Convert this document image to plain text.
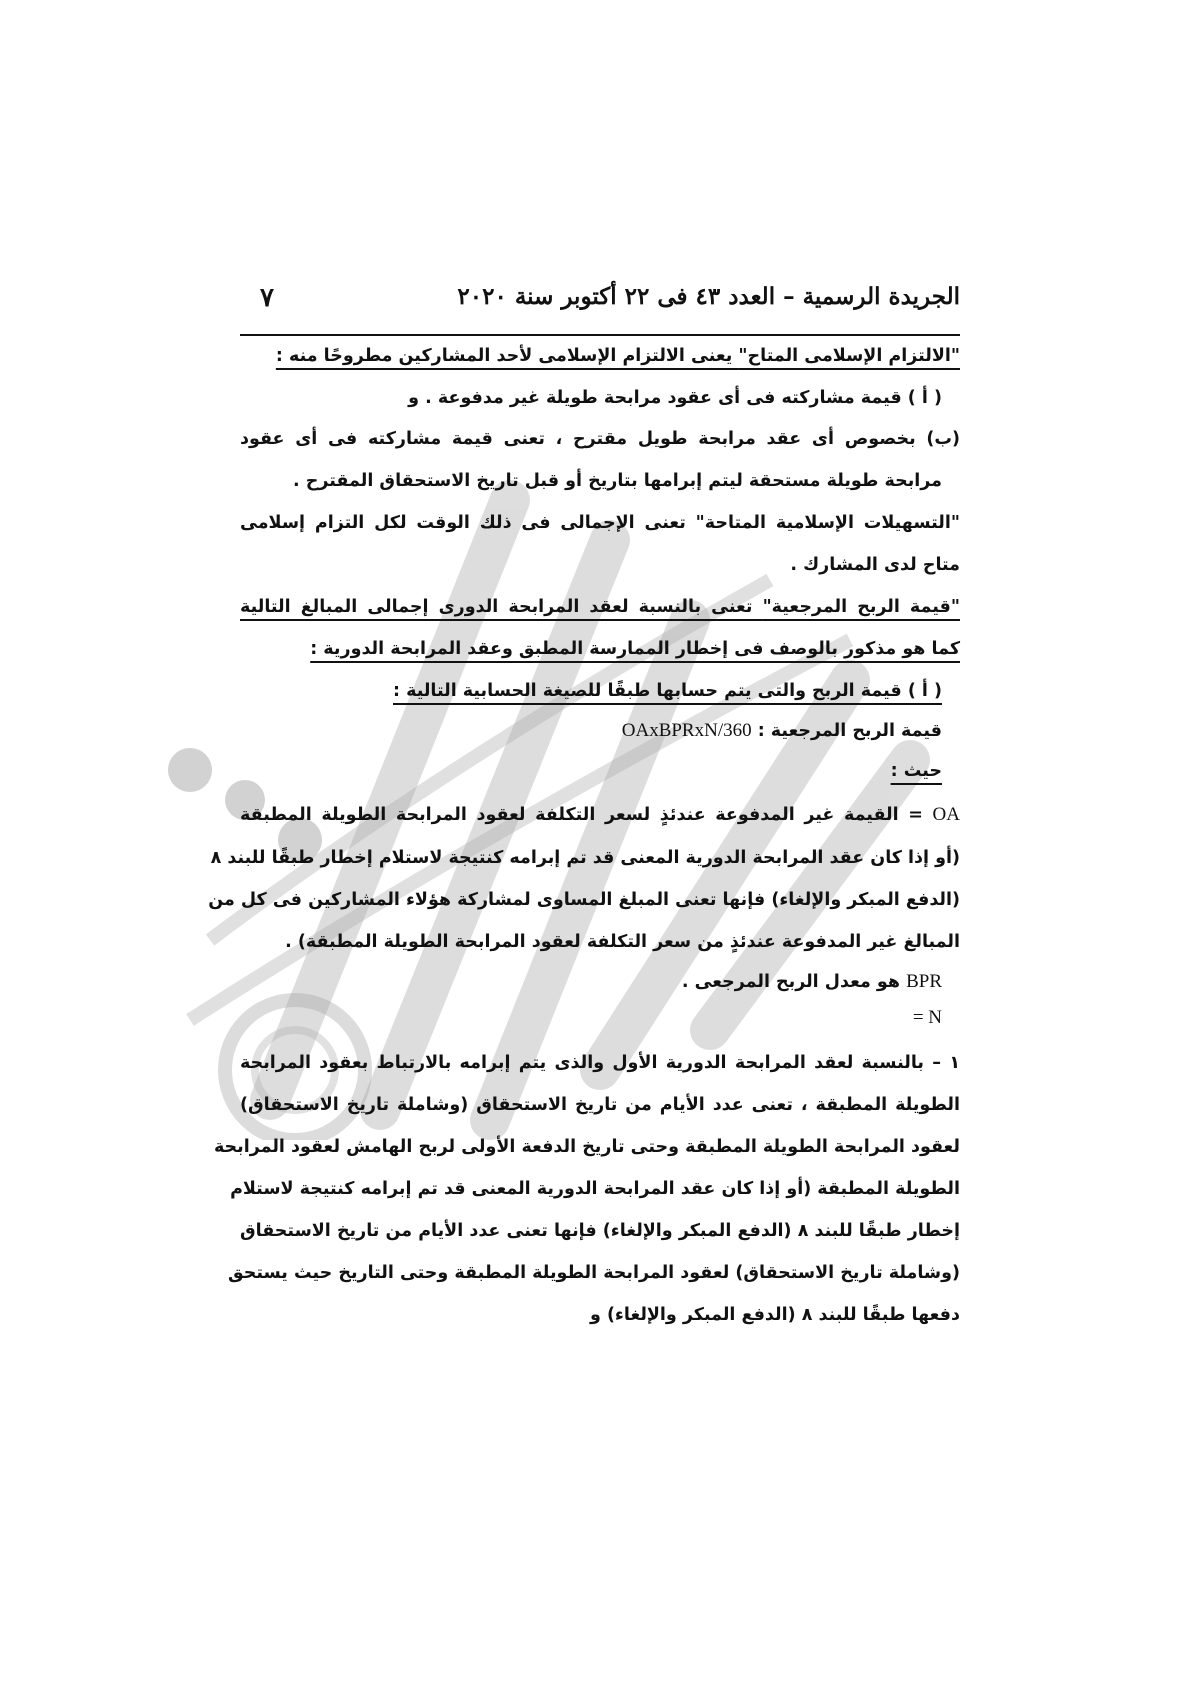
الجريدة الرسمية – العدد ٤٣ فى ٢٢ أكتوبر سنة ٢٠٢٠
٧
"الالتزام الإسلامى المتاح" يعنى الالتزام الإسلامى لأحد المشاركين مطروحًا منه :
( أ ) قيمة مشاركته فى أى عقود مرابحة طويلة غير مدفوعة . و
(ب) بخصوص أى عقد مرابحة طويل مقترح ، تعنى قيمة مشاركته فى أى عقود
مرابحة طويلة مستحقة ليتم إبرامها بتاريخ أو قبل تاريخ الاستحقاق المقترح .
"التسهيلات الإسلامية المتاحة" تعنى الإجمالى فى ذلك الوقت لكل التزام إسلامى
متاح لدى المشارك .
"قيمة الربح المرجعية" تعنى بالنسبة لعقد المرابحة الدورى إجمالى المبالغ التالية
كما هو مذكور بالوصف فى إخطار الممارسة المطبق وعقد المرابحة الدورية :
( أ ) قيمة الربح والتى يتم حسابها طبقًا للصيغة الحسابية التالية :
قيمة الربح المرجعية : OAxBPRxN/360
حيث :
OA = القيمة غير المدفوعة عندئذٍ لسعر التكلفة لعقود المرابحة الطويلة المطبقة
(أو إذا كان عقد المرابحة الدورية المعنى قد تم إبرامه كنتيجة لاستلام إخطار طبقًا للبند ٨
(الدفع المبكر والإلغاء) فإنها تعنى المبلغ المساوى لمشاركة هؤلاء المشاركين فى كل من
المبالغ غير المدفوعة عندئذٍ من سعر التكلفة لعقود المرابحة الطويلة المطبقة) .
BPR هو معدل الربح المرجعى .
= N
١ – بالنسبة لعقد المرابحة الدورية الأول والذى يتم إبرامه بالارتباط بعقود المرابحة
الطويلة المطبقة ، تعنى عدد الأيام من تاريخ الاستحقاق (وشاملة تاريخ الاستحقاق)
لعقود المرابحة الطويلة المطبقة وحتى تاريخ الدفعة الأولى لربح الهامش لعقود المرابحة
الطويلة المطبقة (أو إذا كان عقد المرابحة الدورية المعنى قد تم إبرامه كنتيجة لاستلام
إخطار طبقًا للبند ٨ (الدفع المبكر والإلغاء) فإنها تعنى عدد الأيام من تاريخ الاستحقاق
(وشاملة تاريخ الاستحقاق) لعقود المرابحة الطويلة المطبقة وحتى التاريخ حيث يستحق
دفعها طبقًا للبند ٨ (الدفع المبكر والإلغاء) و
